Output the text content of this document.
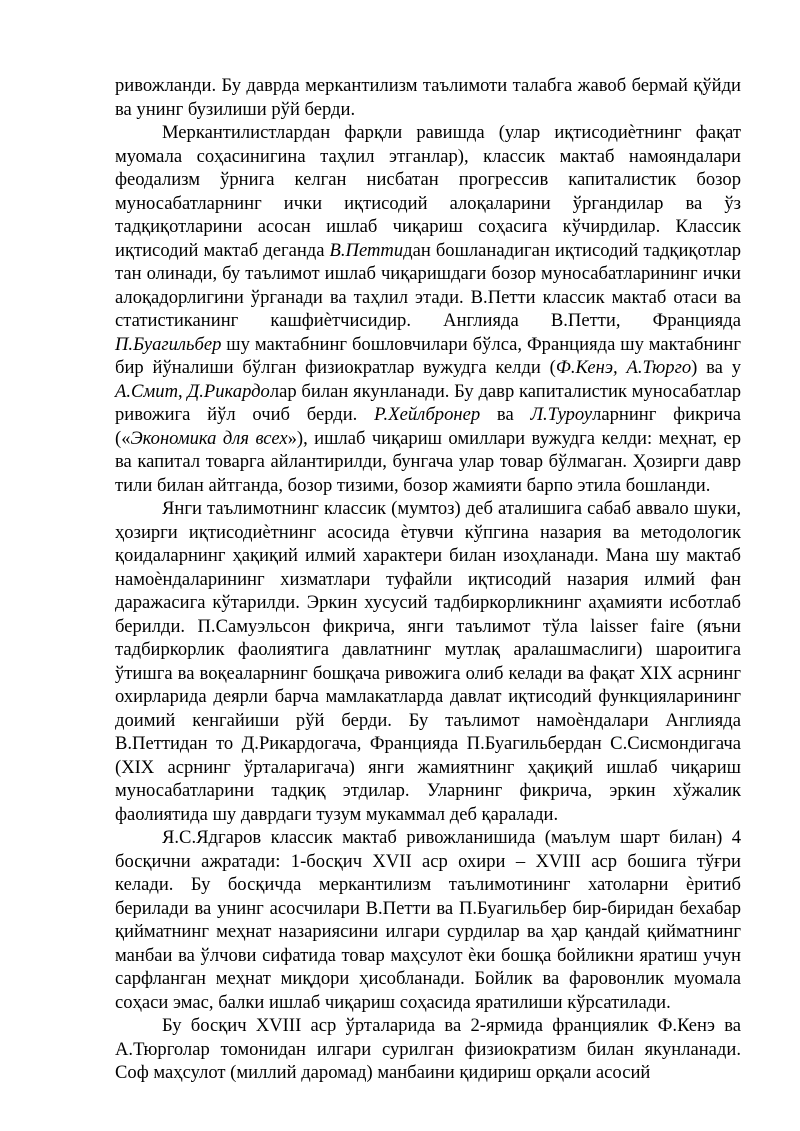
ривожланди. Бу даврда меркантилизм таълимоти талабга жавоб бермай қўйди ва унинг бузилиши рўй берди.

Меркантилистлардан фарқли равишда (улар иқтисодиѐтнинг фақат муомала соҳасинигина таҳлил этганлар), классик мактаб намояндалари феодализм ўрнига келган нисбатан прогрессив капиталистик бозор муносабатларнинг ички иқтисодий алоқаларини ўргандилар ва ўз тадқиқотларини асосан ишлаб чиқариш соҳасига кўчирдилар. Классик иқтисодий мактаб деганда В.Петтидан бошланадиган иқтисодий тадқиқотлар тан олинади, бу таълимот ишлаб чиқаришдаги бозор муносабатларининг ички алоқадорлигини ўрганади ва таҳлил этади. В.Петти классик мактаб отаси ва статистиканинг кашфиѐтчисидир. Англияда В.Петти, Францияда П.Буагильбер шу мактабнинг бошловчилари бўлса, Францияда шу мактабнинг бир йўналиши бўлган физиократлар вужудга келди (Ф.Кенэ, А.Тюрго) ва у А.Смит, Д.Рикардолар билан якунланади. Бу давр капиталистик муносабатлар ривожига йўл очиб берди. Р.Хейлбронер ва Л.Туроуларнинг фикрича («Экономика для всех»), ишлаб чиқариш омиллари вужудга келди: меҳнат, ер ва капитал товарга айлантирилди, бунгача улар товар бўлмаган. Ҳозирги давр тили билан айтганда, бозор тизими, бозор жамияти барпо этила бошланди.

Янги таълимотнинг классик (мумтоз) деб аталишига сабаб аввало шуки, ҳозирги иқтисодиѐтнинг асосида ѐтувчи кўпгина назария ва методологик қоидаларнинг ҳақиқий илмий характери билан изоҳланади. Мана шу мактаб намоѐндаларининг хизматлари туфайли иқтисодий назария илмий фан даражасига кўтарилди. Эркин хусусий тадбиркорликнинг аҳамияти исботлаб берилди. П.Самуэльсон фикрича, янги таълимот тўла laisser faire (яъни тадбиркорлик фаолиятига давлатнинг мутлақ аралашмаслиги) шароитига ўтишга ва воқеаларнинг бошқача ривожига олиб келади ва фақат XIX асрнинг охирларида деярли барча мамлакатларда давлат иқтисодий функцияларининг доимий кенгайиши рўй берди. Бу таълимот намоѐндалари Англияда В.Петтидан то Д.Рикардогача, Францияда П.Буагильбердан С.Сисмондигача (XIX асрнинг ўрталаригача) янги жамиятнинг ҳақиқий ишлаб чиқариш муносабатларини тадқиқ этдилар. Уларнинг фикрича, эркин хўжалик фаолиятида шу даврдаги тузум мукаммал деб қаралади.

Я.С.Ядгаров классик мактаб ривожланишида (маълум шарт билан) 4 босқични ажратади: 1-босқич XVII аср охири – XVIII аср бошига тўғри келади. Бу босқичда меркантилизм таълимотининг хатоларни ѐритиб берилади ва унинг асосчилари В.Петти ва П.Буагильбер бир-биридан бехабар қийматнинг меҳнат назариясини илгари сурдилар ва ҳар қандай қийматнинг манбаи ва ўлчови сифатида товар маҳсулот ѐки бошқа бойликни яратиш учун сарфланган меҳнат миқдори ҳисобланади. Бойлик ва фаровонлик муомала соҳаси эмас, балки ишлаб чиқариш соҳасида яратилиши кўрсатилади.

Бу босқич XVIII аср ўрталарида ва 2-ярмида франциялик Ф.Кенэ ва А.Тюрголар томонидан илгари сурилган физиократизм билан якунланади. Соф маҳсулот (миллий даромад) манбаини қидириш орқали асосий
